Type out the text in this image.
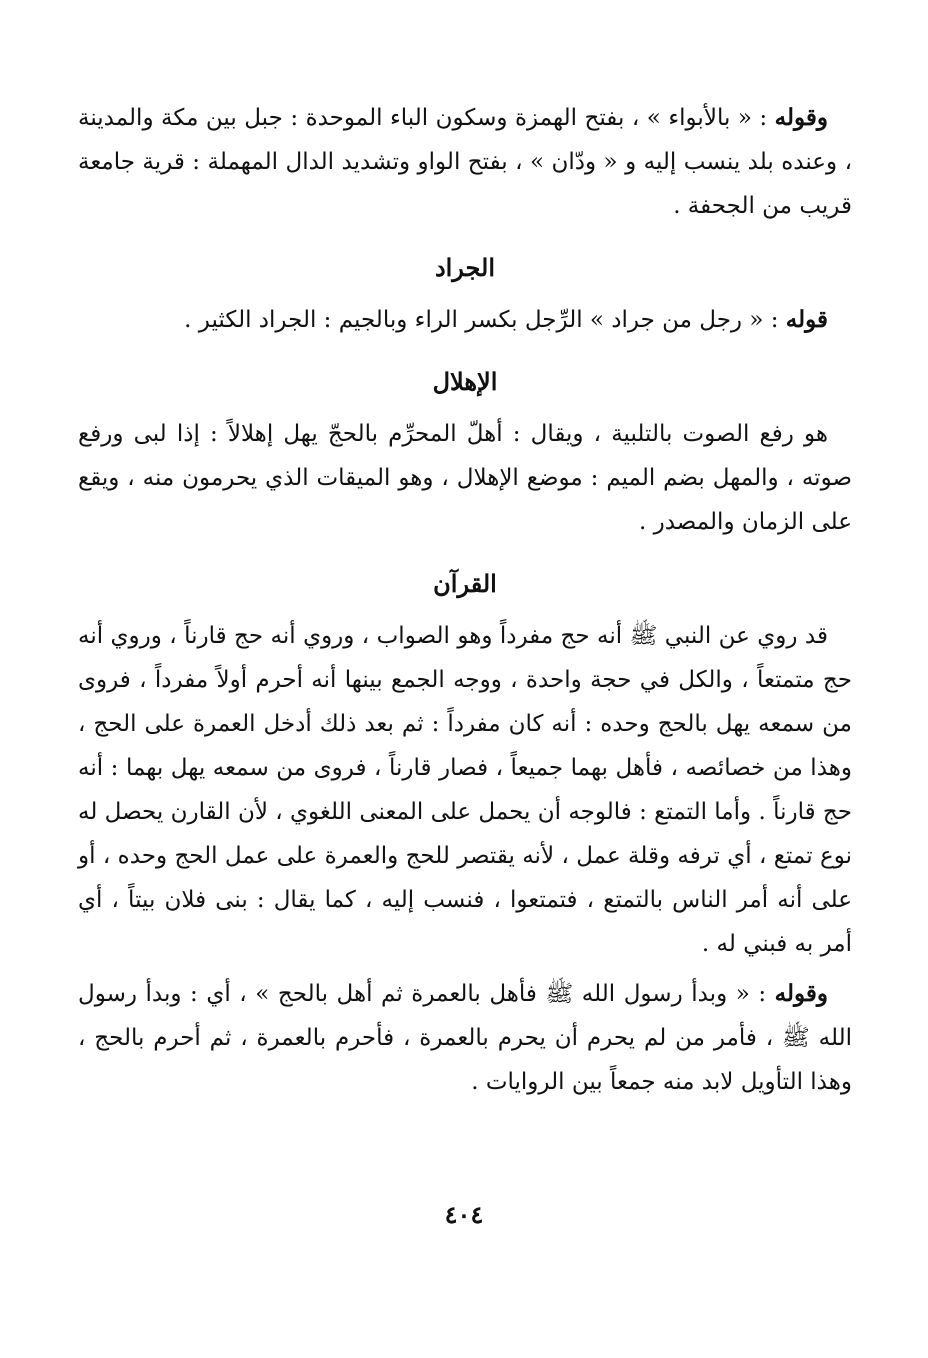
وقوله : « بالأبواء » ، بفتح الهمزة وسكون الباء الموحدة : جبل بين مكة والمدينة ، وعنده بلد ينسب إليه و « ودّان » ، بفتح الواو وتشديد الدال المهملة : قرية جامعة قريب من الجحفة .

الجراد

قوله : « رجل من جراد » الرِّجل بكسر الراء وبالجيم : الجراد الكثير .

الإهلال

هو رفع الصوت بالتلبية ، ويقال : أهلّ المحرِّم بالحجّ يهل إهلالاً : إذا لبى ورفع صوته ، والمهل بضم الميم : موضع الإهلال ، وهو الميقات الذي يحرمون منه ، ويقع على الزمان والمصدر .

القرآن

قد روي عن النبي ﷺ أنه حج مفرداً وهو الصواب ، وروي أنه حج قارناً ، وروي أنه حج متمتعاً ، والكل في حجة واحدة ، ووجه الجمع بينها أنه أحرم أولاً مفرداً ، فروى من سمعه يهل بالحج وحده : أنه كان مفرداً : ثم بعد ذلك أدخل العمرة على الحج ، وهذا من خصائصه ، فأهل بهما جميعاً ، فصار قارناً ، فروى من سمعه يهل بهما : أنه حج قارناً . وأما التمتع : فالوجه أن يحمل على المعنى اللغوي ، لأن القارن يحصل له نوع تمتع ، أي ترفه وقلة عمل ، لأنه يقتصر للحج والعمرة على عمل الحج وحده ، أو على أنه أمر الناس بالتمتع ، فتمتعوا ، فنسب إليه ، كما يقال : بنى فلان بيتاً ، أي أمر به فبني له .

وقوله : « وبدأ رسول الله ﷺ فأهل بالعمرة ثم أهل بالحج » ، أي : وبدأ رسول الله ﷺ ، فأمر من لم يحرم أن يحرم بالعمرة ، فأحرم بالعمرة ، ثم أحرم بالحج ، وهذا التأويل لابد منه جمعاً بين الروايات .

٤٠٤
